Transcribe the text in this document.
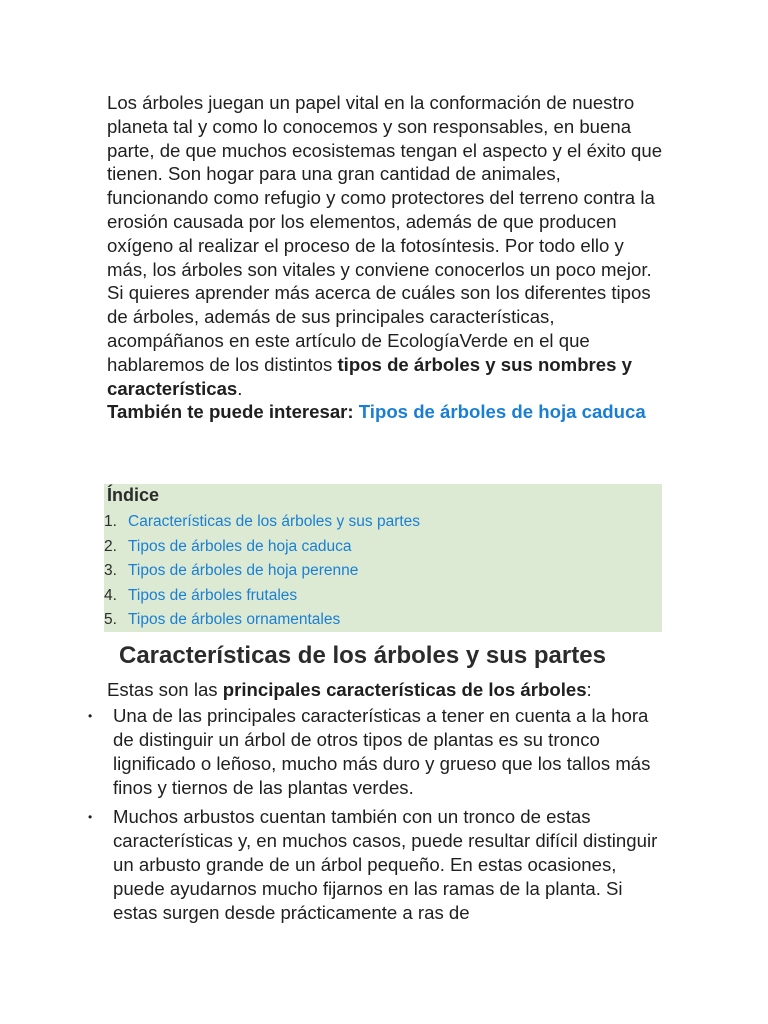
Los árboles juegan un papel vital en la conformación de nuestro planeta tal y como lo conocemos y son responsables, en buena parte, de que muchos ecosistemas tengan el aspecto y el éxito que tienen. Son hogar para una gran cantidad de animales, funcionando como refugio y como protectores del terreno contra la erosión causada por los elementos, además de que producen oxígeno al realizar el proceso de la fotosíntesis. Por todo ello y más, los árboles son vitales y conviene conocerlos un poco mejor.

Si quieres aprender más acerca de cuáles son los diferentes tipos de árboles, además de sus principales características, acompáñanos en este artículo de EcologíaVerde en el que hablaremos de los distintos tipos de árboles y sus nombres y características.

También te puede interesar: Tipos de árboles de hoja caduca

Índice
1. Características de los árboles y sus partes
2. Tipos de árboles de hoja caduca
3. Tipos de árboles de hoja perenne
4. Tipos de árboles frutales
5. Tipos de árboles ornamentales
Características de los árboles y sus partes

Estas son las principales características de los árboles:

• Una de las principales características a tener en cuenta a la hora de distinguir un árbol de otros tipos de plantas es su tronco lignificado o leñoso, mucho más duro y grueso que los tallos más finos y tiernos de las plantas verdes.
• Muchos arbustos cuentan también con un tronco de estas características y, en muchos casos, puede resultar difícil distinguir un arbusto grande de un árbol pequeño. En estas ocasiones, puede ayudarnos mucho fijarnos en las ramas de la planta. Si estas surgen desde prácticamente a ras de
